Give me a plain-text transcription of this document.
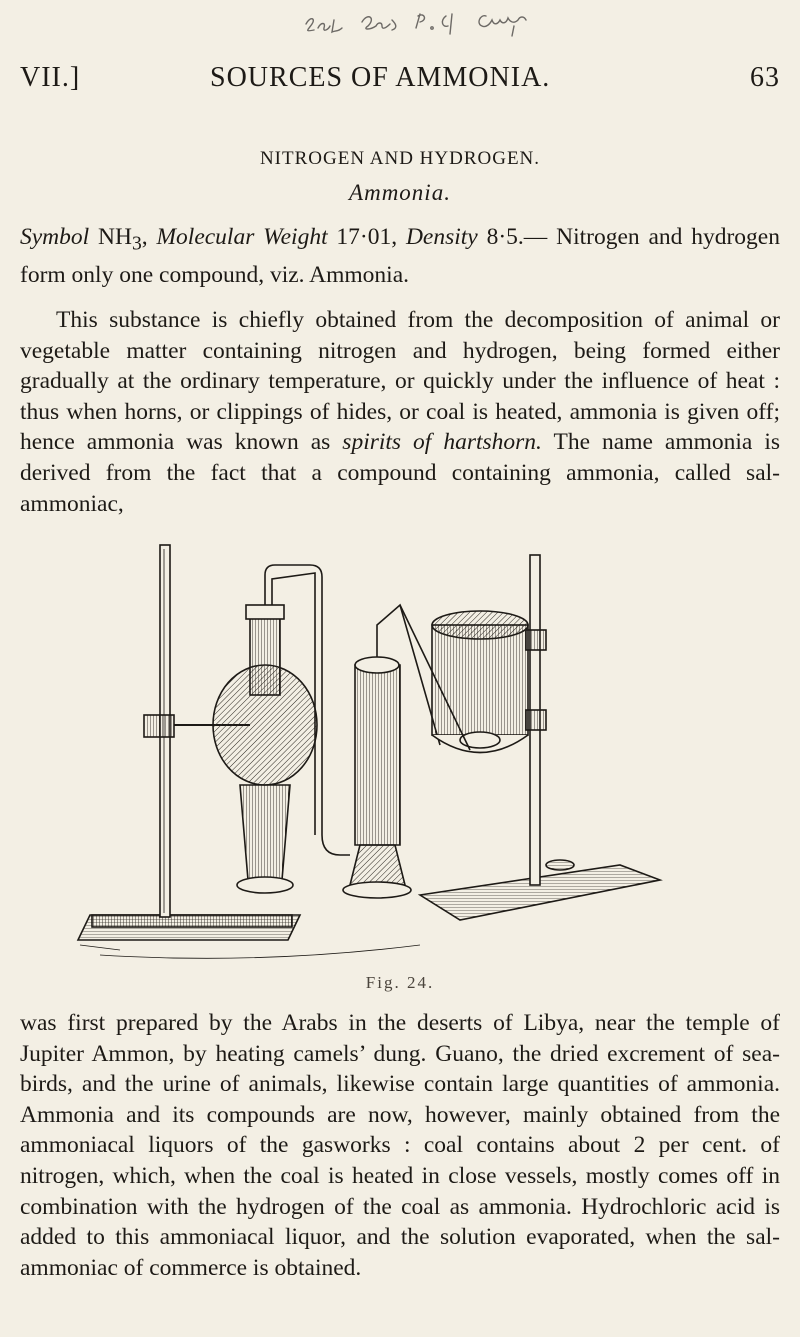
VII.]	SOURCES OF AMMONIA.	63
NITROGEN AND HYDROGEN.
Ammonia.
Symbol $NH_3$, Molecular Weight 17·01, Density 8·5.— Nitrogen and hydrogen form only one compound, viz. Ammonia.
This substance is chiefly obtained from the decomposition of animal or vegetable matter containing nitrogen and hydrogen, being formed either gradually at the ordinary temperature, or quickly under the influence of heat : thus when horns, or clippings of hides, or coal is heated, ammonia is given off; hence ammonia was known as spirits of hartshorn. The name ammonia is derived from the fact that a compound containing ammonia, called sal-ammoniac,
Fig. 24.
was first prepared by the Arabs in the deserts of Libya, near the temple of Jupiter Ammon, by heating camels’ dung. Guano, the dried excrement of sea-birds, and the urine of animals, likewise contain large quantities of ammonia. Ammonia and its compounds are now, however, mainly obtained from the ammoniacal liquors of the gasworks : coal contains about 2 per cent. of nitrogen, which, when the coal is heated in close vessels, mostly comes off in combination with the hydrogen of the coal as ammonia. Hydrochloric acid is added to this ammoniacal liquor, and the solution evaporated, when the sal-ammoniac of commerce is obtained.
